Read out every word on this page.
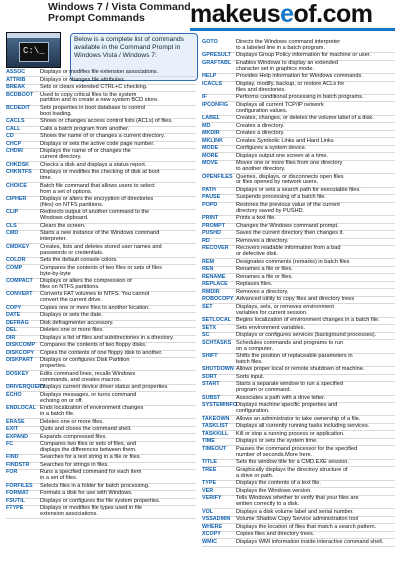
Windows 7 / Vista Command
Prompt Commands	makeuseof.com
C:\_
Below is a complete list of commands available in the Command Prompt in Windows Vista / Windows 7:
ASSOC	Displays or modifies file extension associations.
ATTRIB	Displays or changes file attributes.
BREAK	Sets or clears extended CTRL+C checking.
BCDBOOT	Used to copy critical files to the system
partition and to create a new system BCD store.
BCDEDIT	Sets properties in boot database to control
boot loading.
CACLS	Shows or changes access control lists (ACLs) of files.
CALL	Calls a batch program from another.
CD	Shows the name of or changes a current directory.
CHCP	Displays or sets the active code page number.
CHDIR	Displays the name of or changes the
current directory.
CHKDSK	Checks a disk and displays a status report.
CHKNTFS	Displays or modifies the checking of disk at boot
time.
CHOICE	Batch file command that allows users to select
from a set of options.
CIPHER	Displays or alters the encryption of directories
(files) on NTFS partitions.
CLIP	Redirects output of another command to the
Windows clipboard.
CLS	Clears the screen.
CMD	Starts a new instance of the Windows command
interpreter.
CMDKEY	Creates, lists and deletes stored user names and
passwords or credentials.
COLOR	Sets the default console colors.
COMP	Compares the contents of two files or sets of files
byte-by-byte
COMPACT	Displays or alters the compression of
files on NTFS partitions.
CONVERT	Converts FAT volumes to NTFS. You cannot
convert the current drive.
COPY	Copies one or more files to another location.
DATE	Displays or sets the date.
DEFRAG	Disk defragmenter accessory.
DEL	Deletes one or more files.
DIR	Displays a list of files and subdirectories in a directory.
DISKCOMP Compares the contents of two floppy disks.
DISKCOPY	Copies the contents of one floppy disk to another.
DISKPART	Displays or configures Disk Partition
properties.
DOSKEY	Edits command lines, recalls Windows
commands, and creates macros.
DRIVERQUERY
Displays current device driver status and properties.
ECHO	Displays messages, or turns command
echoing on or off.
ENDLOCAL Ends localization of environment changes
in a batch file.
ERASE	Deletes one or more files.
EXIT	Quits and closes the command shell.
EXPAND	Expands compressed files.
FC	Compares two files or sets of files, and
displays the differences between them.
FIND	Searches for a text string in a file or files.
FINDSTR	Searches for strings in files.
FOR	Runs a specified command for each item
in a set of files.
FORFILES	Selects files in a folder for batch processing.
FORMAT	Formats a disk for use with Windows.
FSUTIL	Displays or configures the file system properties.
FTYPE	Displays or modifies file types used in file
extension associations.
GOTO	Directs the Windows command interpreter
to a labeled line in a batch program.
GPRESULT Displays Group Policy information for machine or user.
GRAFTABL Enables Windows to display an extended
character set in graphics mode.
HELP	Provides Help information for Windows commands.
ICACLS	Display, modify, backup, or restore ACLs for
files and directories.
IF	Performs conditional processing in batch programs.
IPCONFIG	Displays all current TCP/IP network
configuration values.
LABEL	Creates, changes, or deletes the volume label of a disk.
MD	Creates a directory.
MKDIR	Creates a directory.
MKLINK	Creates Symbolic Links and Hard Links
MODE	Configures a system device.
MORE	Displays output one screen at a time.
MOVE	Moves one or more files from one directory
to another directory.
OPENFILES Queries, displays, or disconnects open files
or files opened by network users.
PATH	Displays or sets a search path for executable files.
PAUSE	Suspends processing of a batch file.
POPD	Restores the previous value of the current
directory saved by PUSHD.
PRINT	Prints a text file.
PROMPT	Changes the Windows command prompt.
PUSHD	Saves the current directory then changes it.
RD	Removes a directory.
RECOVER	Recovers readable information from a bad
or defective disk.
REM	Designates comments (remarks) in batch files
REN	Renames a file or files.
RENAME	Renames a file or files.
REPLACE	Replaces files.
RMDIR	Removes a directory.
ROBOCOPY Advanced utility to copy files and directory trees
SET	Displays, sets, or removes environment
variables for current session.
SETLOCAL Begins localization of environment changes in a batch file.
SETX	Sets environment variables.
SC	Displays or configures services (background processes).
SCHTASKS Schedules commands and programs to run
on a computer.
SHIFT	Shifts the position of replaceable parameters in
batch files.
SHUTDOWN Allows proper local or remote shutdown of machine.
SORT	Sorts input.
START	Starts a separate window to run a specified
program or command.
SUBST	Associates a path with a drive letter.
SYSTEMINFO
Displays machine specific properties and
configuration.
TAKEOWN	Allows an administrator to take ownership of a file.
TASKLIST	Displays all currently running tasks including services.
TASKKILL	Kill or stop a running process or application.
TIME	Displays or sets the system time.
TIMEOUT	Pauses the command processor for the specified
number of seconds.More here.
TITLE	Sets the window title for a CMD.EXE session.
TREE	Graphically displays the directory structure of
a drive or path.
TYPE	Displays the contents of a text file.
VER	Displays the Windows version.
VERIFY	Tells Windows whether to verify that your files are
written correctly to a disk.
VOL	Displays a disk volume label and serial number.
VSSADMIN Volume Shadow Copy Service administration tool
WHERE	Displays the location of files that match a search pattern.
XCOPY	Copies files and directory trees.
WMIC	Displays WMI information inside interactive command shell.
